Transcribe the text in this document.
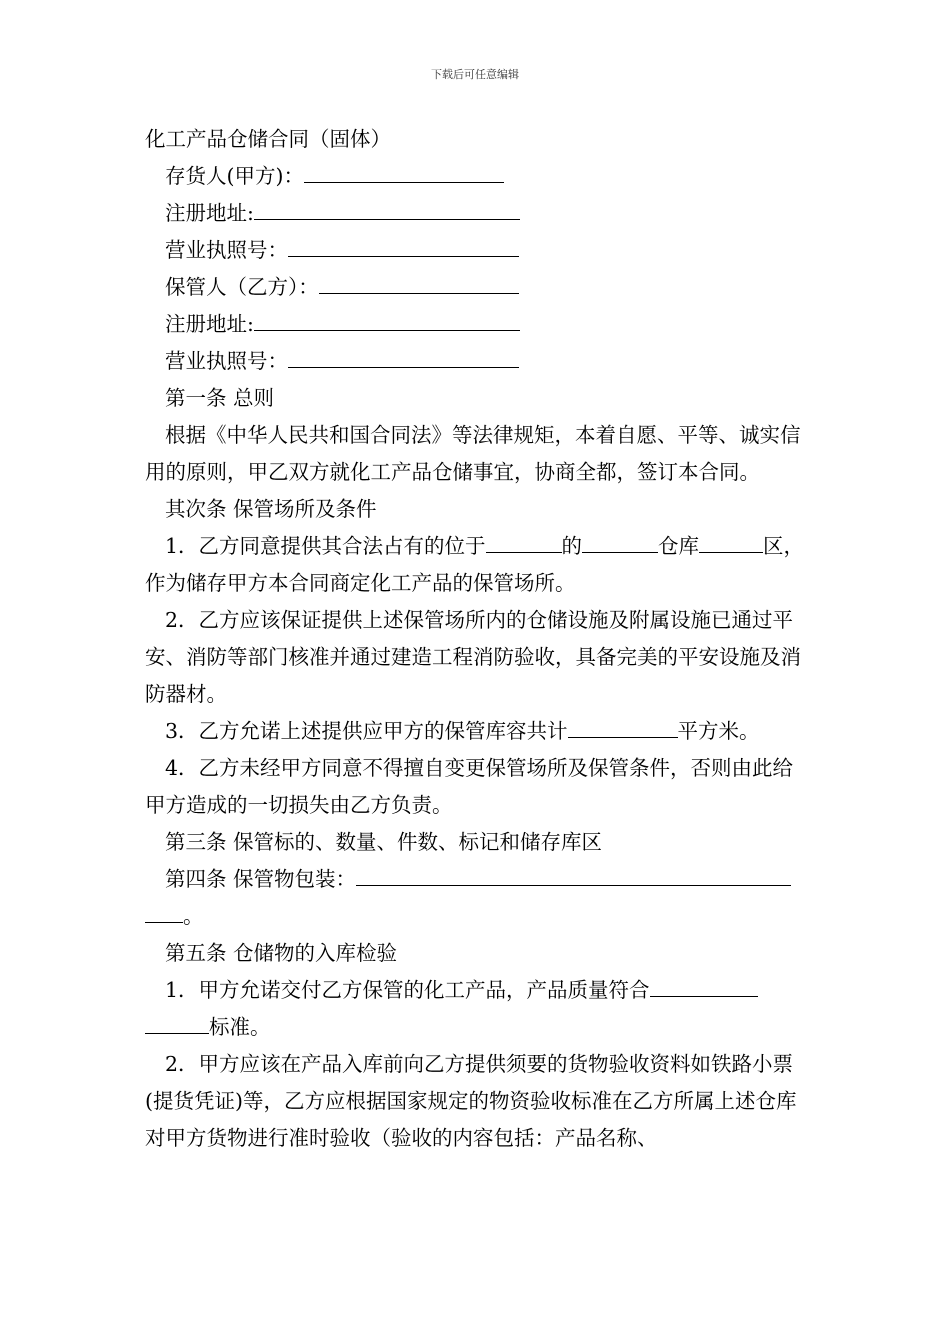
下载后可任意编辑
化工产品仓储合同（固体）
存货人(甲方)：
注册地址:
营业执照号：
保管人（乙方）：
注册地址:
营业执照号：
第一条 总则
根据《中华人民共和国合同法》等法律规矩，本着自愿、平等、诚实信用的原则，甲乙双方就化工产品仓储事宜，协商全都，签订本合同。
其次条 保管场所及条件
1．乙方同意提供其合法占有的位于	的	仓库	区，作为储存甲方本合同商定化工产品的保管场所。
2．乙方应该保证提供上述保管场所内的仓储设施及附属设施已通过平安、消防等部门核准并通过建造工程消防验收，具备完美的平安设施及消防器材。
3．乙方允诺上述提供应甲方的保管库容共计	平方米。
4．乙方未经甲方同意不得擅自变更保管场所及保管条件，否则由此给甲方造成的一切损失由乙方负责。
第三条 保管标的、数量、件数、标记和储存库区
第四条 保管物包装：
。
第五条 仓储物的入库检验
1．甲方允诺交付乙方保管的化工产品，产品质量符合
标准。
2．甲方应该在产品入库前向乙方提供须要的货物验收资料如铁路小票(提货凭证)等，乙方应根据国家规定的物资验收标准在乙方所属上述仓库对甲方货物进行准时验收（验收的内容包括：产品名称、
